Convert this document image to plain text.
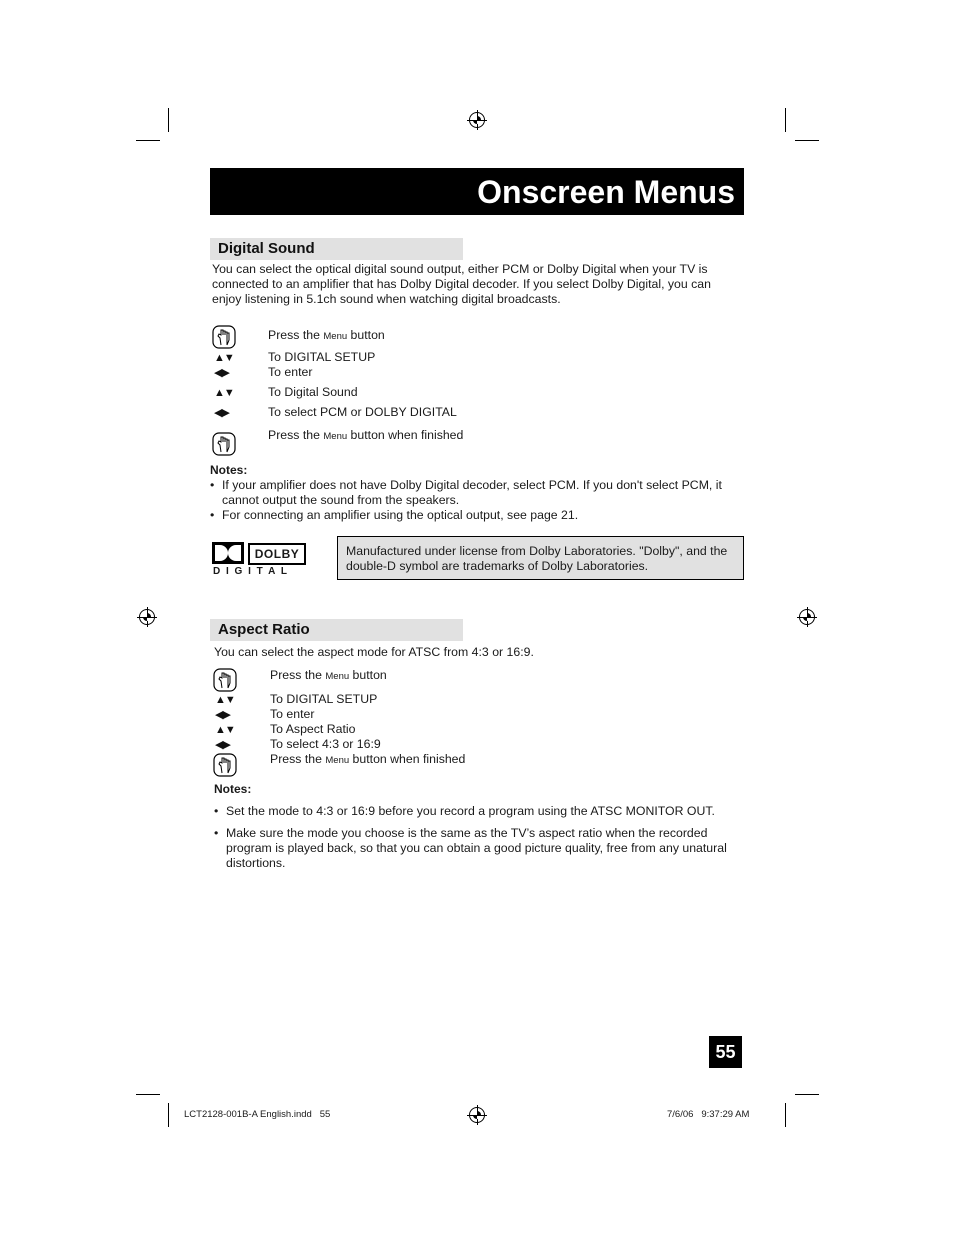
Onscreen Menus
Digital Sound

You can select the optical digital sound output, either PCM or Dolby Digital when your TV is connected to an amplifier that has Dolby Digital decoder. If you select Dolby Digital, you can enjoy listening in 5.1ch sound when watching digital broadcasts.

Press the Menu button
▲▼	To DIGITAL SETUP
◀▶	To enter
▲▼	To Digital Sound
◀▶	To select PCM or DOLBY DIGITAL
Press the Menu button when finished
Notes:
• If your amplifier does not have Dolby Digital decoder, select PCM. If you don't select PCM, it cannot output the sound from the speakers.
• For connecting an amplifier using the optical output, see page 21.
DOLBY
D I G I T A L

Manufactured under license from Dolby Laboratories. "Dolby", and the double-D symbol are trademarks of Dolby Laboratories.

Aspect Ratio

You can select the aspect mode for ATSC from 4:3 or 16:9.

Press the Menu button
▲▼	To DIGITAL SETUP
◀▶	To enter
▲▼	To Aspect Ratio
◀▶	To select 4:3 or 16:9
Press the Menu button when finished
Notes:
• Set the mode to 4:3 or 16:9 before you record a program using the ATSC MONITOR OUT.
• Make sure the mode you choose is the same as the TV’s aspect ratio when the recorded program is played back, so that you can obtain a good picture quality, free from any unatural distortions.
55
LCT2128-001B-A English.indd   55	7/6/06   9:37:29 AM
